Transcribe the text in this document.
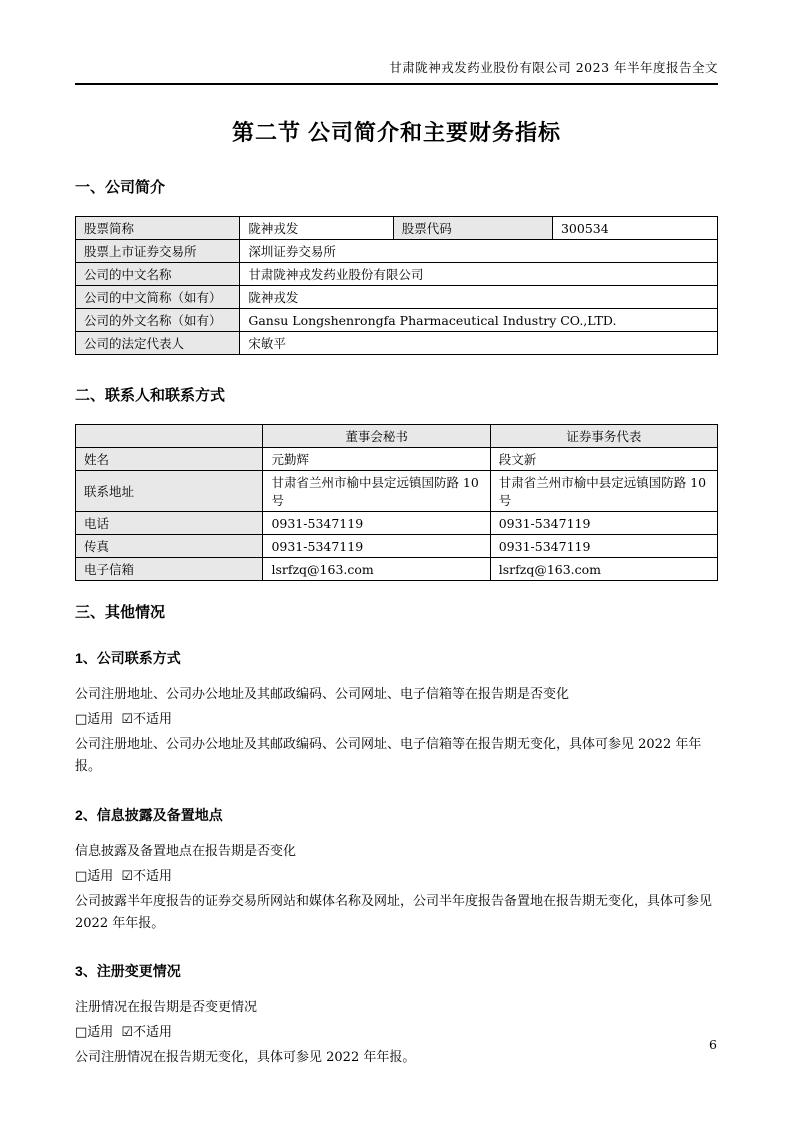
甘肃陇神戎发药业股份有限公司 2023 年半年度报告全文
第二节 公司简介和主要财务指标
一、公司简介
股票简称	陇神戎发	股票代码	300534
股票上市证券交易所	深圳证券交易所		
公司的中文名称	甘肃陇神戎发药业股份有限公司		
公司的中文简称（如有）	陇神戎发		
公司的外文名称（如有）	Gansu Longshenrongfa Pharmaceutical Industry CO.,LTD.		
公司的法定代表人	宋敏平		
二、联系人和联系方式
	董事会秘书	证券事务代表
姓名	元勤辉	段文新
联系地址	甘肃省兰州市榆中县定远镇国防路 10 号	甘肃省兰州市榆中县定远镇国防路 10 号
电话	0931-5347119	0931-5347119
传真	0931-5347119	0931-5347119
电子信箱	lsrfzq@163.com	lsrfzq@163.com
三、其他情况
1、公司联系方式

公司注册地址、公司办公地址及其邮政编码、公司网址、电子信箱等在报告期是否变化

□适用 ☑不适用

公司注册地址、公司办公地址及其邮政编码、公司网址、电子信箱等在报告期无变化，具体可参见 2022 年年报。

2、信息披露及备置地点

信息披露及备置地点在报告期是否变化

□适用 ☑不适用

公司披露半年度报告的证券交易所网站和媒体名称及网址，公司半年度报告备置地在报告期无变化，具体可参见 2022 年年报。

3、注册变更情况

注册情况在报告期是否变更情况

□适用 ☑不适用

公司注册情况在报告期无变化，具体可参见 2022 年年报。

6
